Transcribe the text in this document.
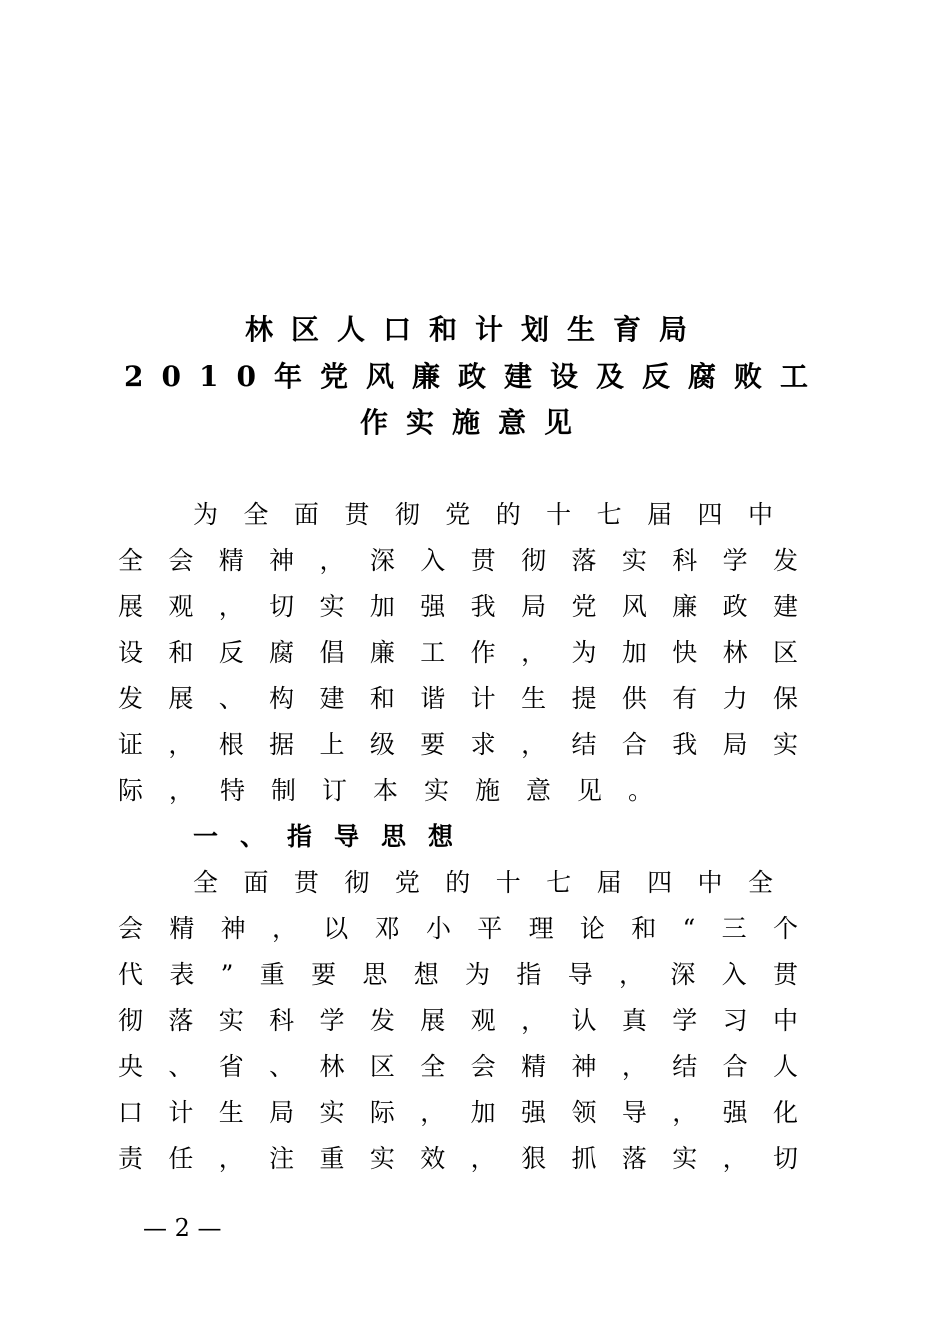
林区人口和计划生育局
2010年党风廉政建设及反腐败工
作实施意见
为全面贯彻党的十七届四中
全会精神，深入贯彻落实科学发
展观，切实加强我局党风廉政建
设和反腐倡廉工作，为加快林区
发展、构建和谐计生提供有力保
证，根据上级要求，结合我局实
际，特制订本实施意见。
一、指导思想
全面贯彻党的十七届四中全
会精神，以邓小平理论和“三个
代表”重要思想为指导，深入贯
彻落实科学发展观，认真学习中
央、省、林区全会精神，结合人
口计生局实际，加强领导，强化
责任，注重实效，狠抓落实，切
— 2 —
